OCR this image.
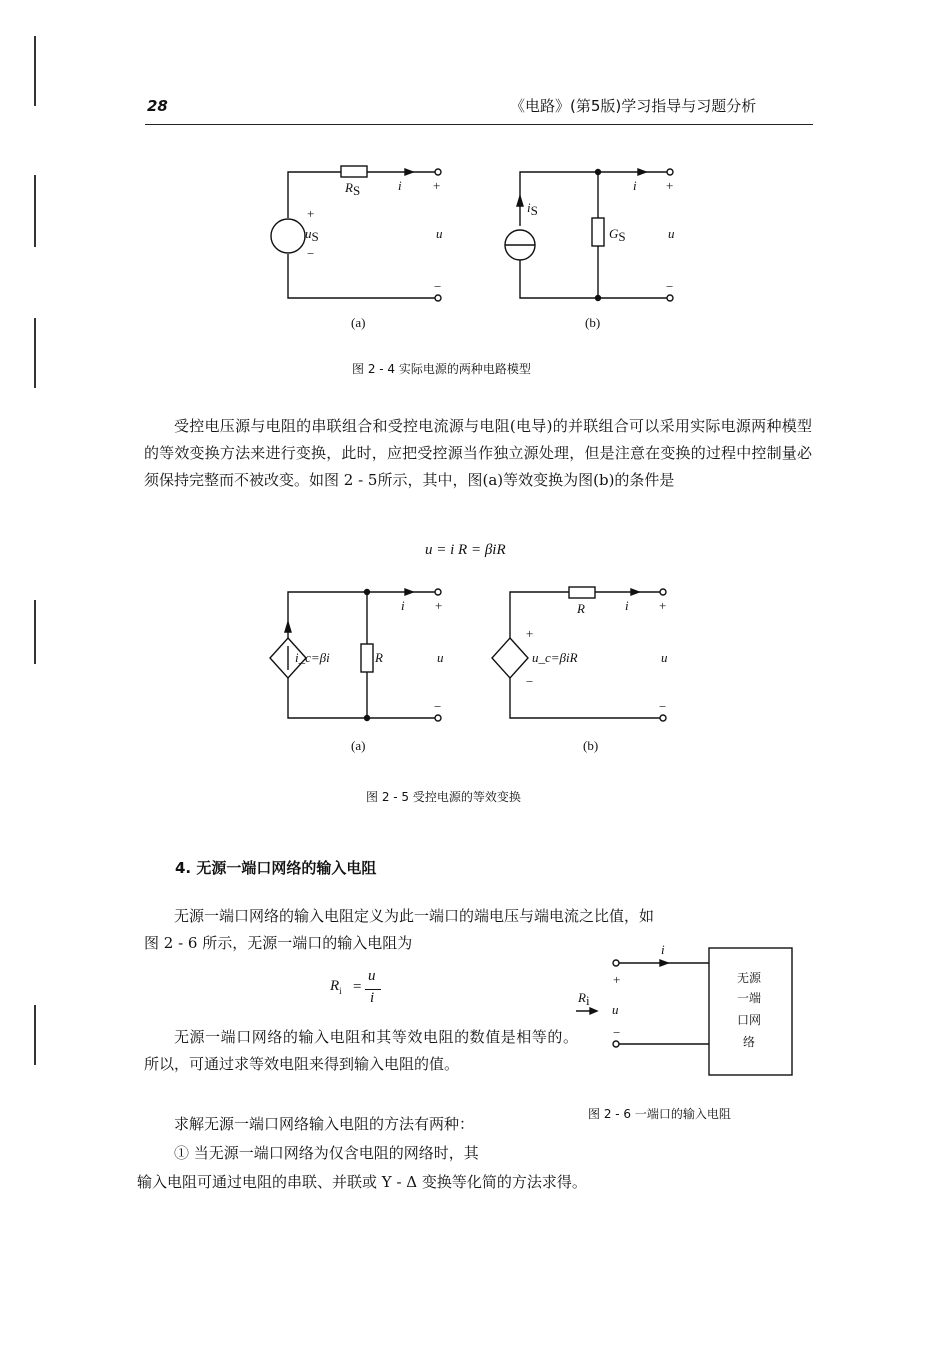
28	《电路》(第5版)学习指导与习题分析
RS	i +
+
uS
−
u
−
(a)
iS
GS
i +
u
−
(b)
图 2 - 4 实际电源的两种电路模型

受控电压源与电阻的串联组合和受控电流源与电阻(电导)的并联组合可以采用实际电源两种模型的等效变换方法来进行变换，此时，应把受控源当作独立源处理，但是注意在变换的过程中控制量必须保持完整而不被改变。如图 2 - 5所示，其中，图(a)等效变换为图(b)的条件是

u = i R = βiR
i_c=βi	R
i +
u
−
(a)
R	i +
+
u_c=βiR
−
u
−
(b)
图 2 - 5 受控电源的等效变换
4. 无源一端口网络的输入电阻

无源一端口网络的输入电阻定义为此一端口的端电压与端电流之比值，如

图 2 - 6 所示，无源一端口的输入电阻为

$R_i$ =
u
i

无源一端口网络的输入电阻和其等效电阻的数值是相等的。所以，可通过求等效电阻来得到输入电阻的值。

求解无源一端口网络输入电阻的方法有两种：

① 当无源一端口网络为仅含电阻的网络时，其

输入电阻可通过电阻的串联、并联或 Y - Δ 变换等化简的方法求得。

i
+
u
−
Ri
无源
一端
口网
络
图 2 - 6 一端口的输入电阻
